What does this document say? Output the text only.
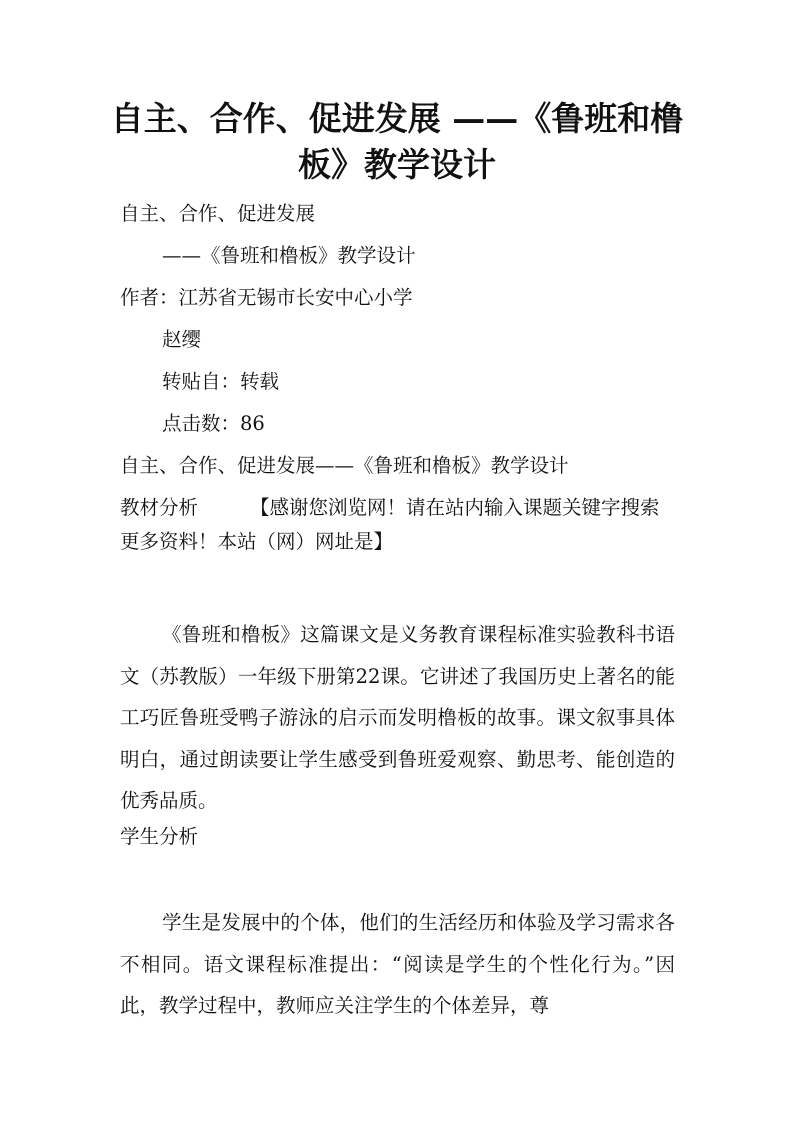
自主、合作、促进发展 ——《鲁班和橹板》教学设计

自主、合作、促进发展

——《鲁班和橹板》教学设计

作者：江苏省无锡市长安中心小学

赵缨

转贴自：转载

点击数：86

自主、合作、促进发展——《鲁班和橹板》教学设计

教材分析	【感谢您浏览网！请在站内输入课题关键字搜索更多资料！本站（网）网址是】

《鲁班和橹板》这篇课文是义务教育课程标准实验教科书语文（苏教版）一年级下册第22课。它讲述了我国历史上著名的能工巧匠鲁班受鸭子游泳的启示而发明橹板的故事。课文叙事具体明白，通过朗读要让学生感受到鲁班爱观察、勤思考、能创造的优秀品质。

学生分析

学生是发展中的个体，他们的生活经历和体验及学习需求各不相同。语文课程标准提出：“阅读是学生的个性化行为。”因此，教学过程中，教师应关注学生的个体差异，尊
